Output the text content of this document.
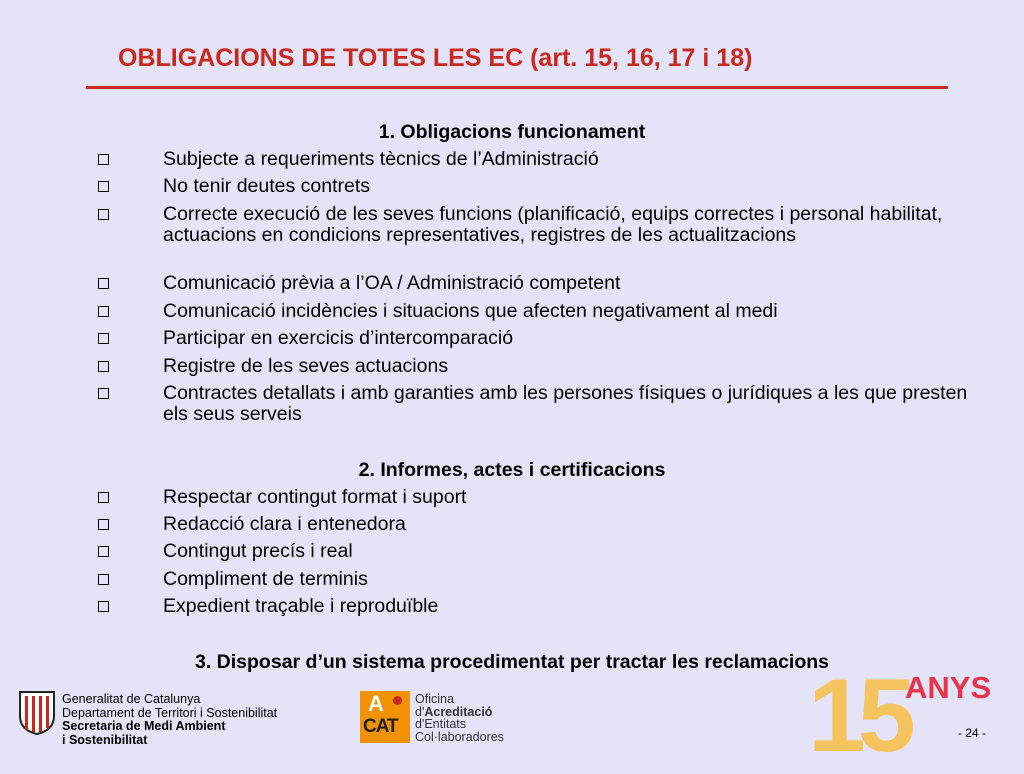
OBLIGACIONS DE TOTES LES EC (art. 15, 16, 17 i 18)
1. Obligacions funcionament
Subjecte a requeriments tècnics de l’Administració
No tenir deutes contrets
Correcte execució de les seves funcions (planificació, equips correctes i personal habilitat, actuacions en condicions representatives, registres de les actualitzacions
Comunicació prèvia a l’OA / Administració competent
Comunicació incidències i situacions que afecten negativament al medi
Participar en exercicis d’intercomparació
Registre de les seves actuacions
Contractes detallats i amb garanties amb les persones físiques o jurídiques a les que presten els seus serveis
2. Informes, actes i certificacions
Respectar contingut format i suport
Redacció clara i entenedora
Contingut precís i real
Compliment de terminis
Expedient traçable i reproduïble
3. Disposar d’un sistema procedimentat per tractar les reclamacions
Generalitat de Catalunya
Departament de Territori i Sostenibilitat
Secretaria de Medi Ambient
i Sostenibilitat
A
CAT
Oficina
d'Acreditació
d'Entitats
Col·laboradores	15
ANYS
- 24 -
